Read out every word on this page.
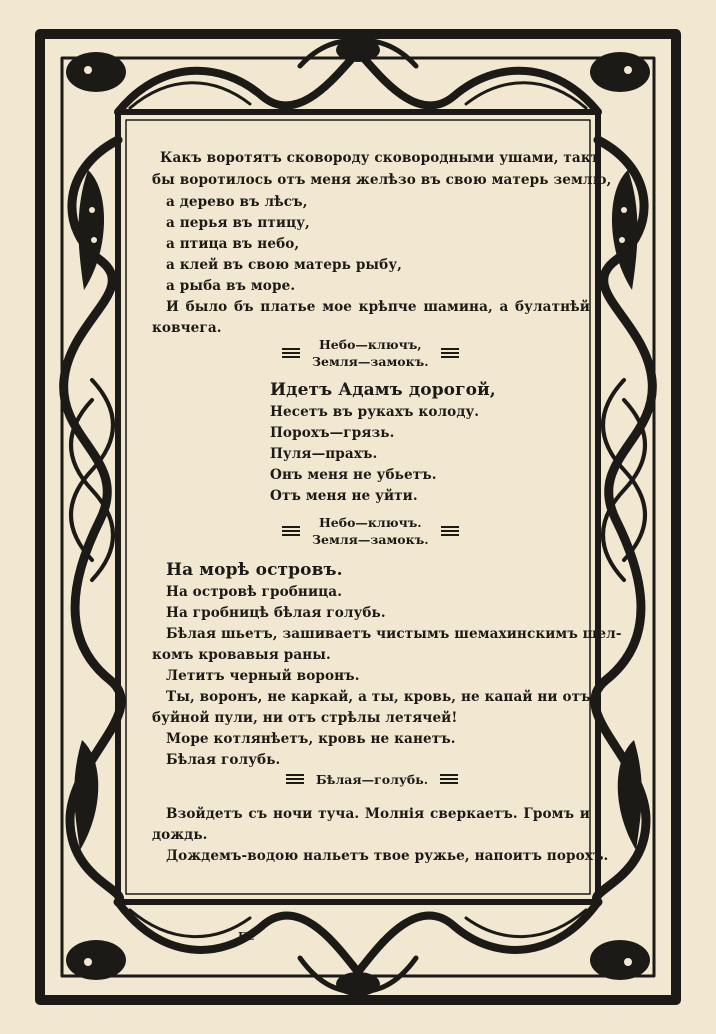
ГЕ
Какъ воротятъ сковороду сковородными ушами, такъ
бы воротилось отъ меня желѣзо въ свою матерь землю,
а дерево въ лѣсъ,
а перья въ птицу,
а птица въ небо,
а клей въ свою матерь рыбу,
а рыба въ море.
И было бъ платье мое крѣпче шамина, а булатнѣй
ковчега.
Небо—ключъ,
Земля—замокъ.
Идетъ Адамъ дорогой,
Несетъ въ рукахъ колоду.
Порохъ—грязь.
Пуля—прахъ.
Онъ меня не убьетъ.
Отъ меня не уйти.
Небо—ключъ.
Земля—замокъ.
На морѣ островъ.
На островѣ гробница.
На гробницѣ бѣлая голубь.
Бѣлая шьетъ, зашиваетъ чистымъ шемахинскимъ шел-
комъ кровавыя раны.
Летитъ черный воронъ.
Ты, воронъ, не каркай, а ты, кровь, не капай ни отъ
буйной пули, ни отъ стрѣлы летячей!
Море котлянѣетъ, кровь не канетъ.
Бѣлая голубь.
Бѣлая—голубь.
Взойдетъ съ ночи туча. Молнія сверкаетъ. Громъ и
дождь.
Дождемъ-водою нальетъ твое ружье, напоитъ порохъ.
